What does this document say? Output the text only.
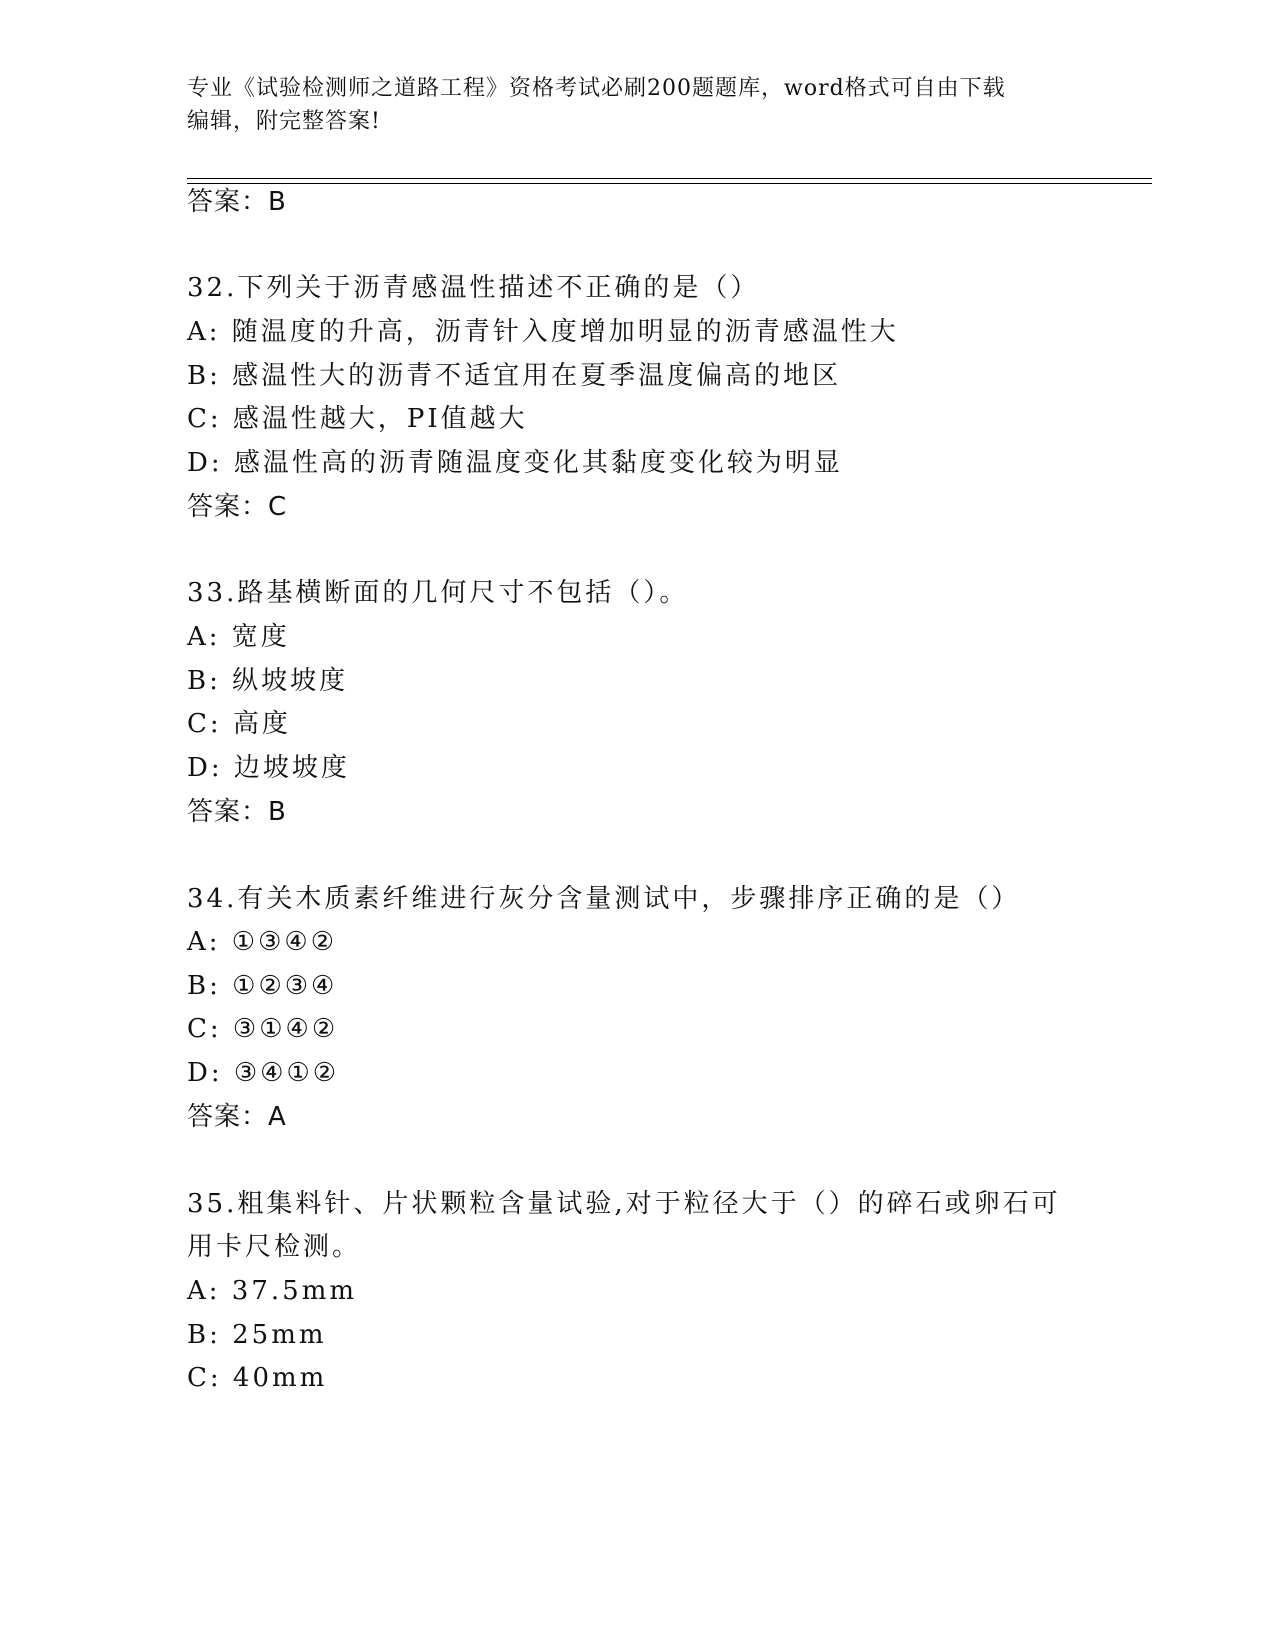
专业《试验检测师之道路工程》资格考试必刷200题题库，word格式可自由下载
编辑，附完整答案!
答案：B
32.下列关于沥青感温性描述不正确的是（）
A: 随温度的升高，沥青针入度增加明显的沥青感温性大
B: 感温性大的沥青不适宜用在夏季温度偏高的地区
C: 感温性越大，PI值越大
D: 感温性高的沥青随温度变化其黏度变化较为明显
答案：C
33.路基横断面的几何尺寸不包括（）。
A: 宽度
B: 纵坡坡度
C: 高度
D: 边坡坡度
答案：B
34.有关木质素纤维进行灰分含量测试中，步骤排序正确的是（）
A: ①③④②
B: ①②③④
C: ③①④②
D: ③④①②
答案：A
35.粗集料针、片状颗粒含量试验,对于粒径大于（）的碎石或卵石可
用卡尺检测。
A: 37.5mm
B: 25mm
C: 40mm
